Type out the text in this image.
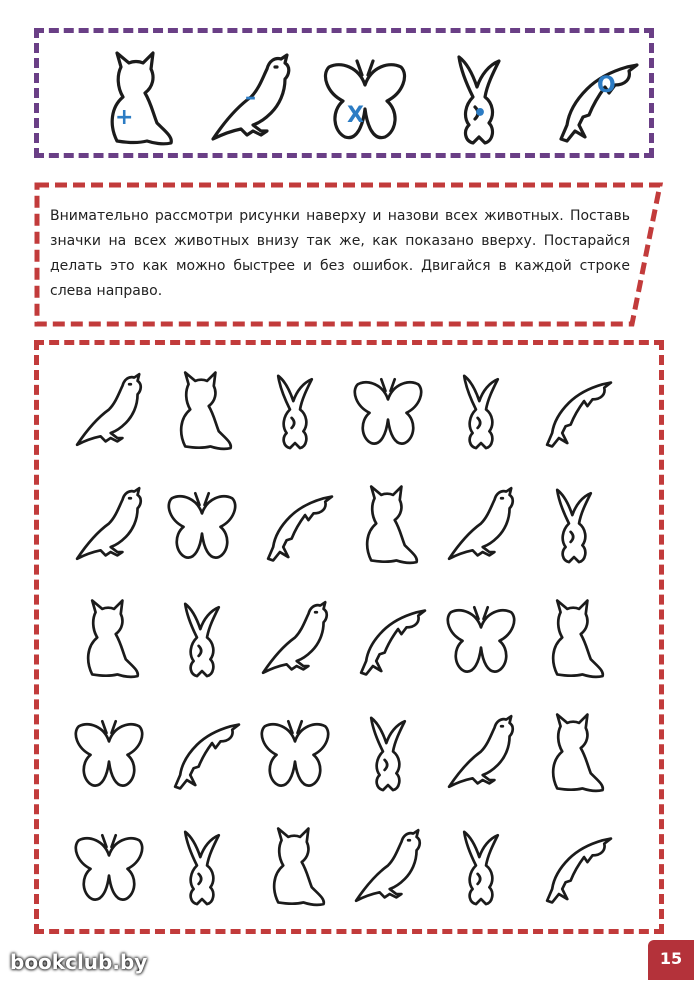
+
–
X	•
O

Внимательно рассмотри рисунки наверху и назови всех животных. Поставь значки на всех животных внизу так же, как показано вверху. Постарайся делать это как можно быстрее и без ошибок. Двигайся в каждой строке слева направо.

bookclub.by	15
